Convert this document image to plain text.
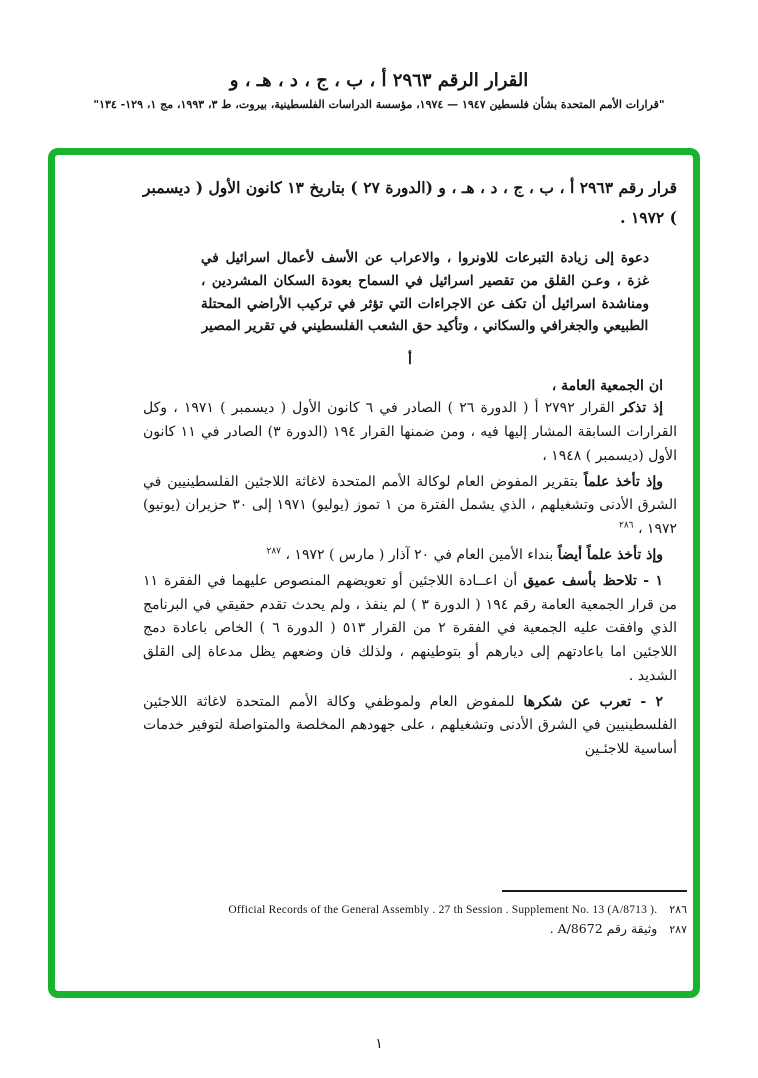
القرار الرقم ٢٩٦٣ أ ، ب ، ج ، د ، هـ ، و
"قرارات الأمم المتحدة بشأن فلسطين ١٩٤٧ — ١٩٧٤، مؤسسة الدراسات الفلسطينية، بيروت، ط ٣، ١٩٩٣، مج ١، ١٢٩- ١٣٤"

قرار رقم ٢٩٦٣ أ ، ب ، ج ، د ، هـ ، و (الدورة ٢٧ ) بتاريخ ١٣ كانون الأول ( ديسمبر ) ١٩٧٢ .

دعوة إلى زيادة التبرعات للاونروا ، والاعراب عن الأسف لأعمال اسرائيل في غزة ، وعـن القلق من تقصير اسرائيل في السماح بعودة السكان المشردين ، ومناشدة اسرائيل أن تكف عن الاجراءات التي تؤثر في تركيب الأراضي المحتلة الطبيعي والجغرافي والسكاني ، وتأكيد حق الشعب الفلسطيني في تقرير المصير

أ

ان الجمعية العامة ،

إذ تذكر القرار ٢٧٩٢ أ ( الدورة ٢٦ ) الصادر في ٦ كانون الأول ( ديسمبر ) ١٩٧١ ، وكل القرارات السابقة المشار إليها فيه ، ومن ضمنها القرار ١٩٤ (الدورة ٣) الصادر في ١١ كانون الأول (ديسمبر ) ١٩٤٨ ،

وإذ تأخذ علماً بتقرير المفوض العام لوكالة الأمم المتحدة لاغاثة اللاجئين الفلسطينيين في الشرق الأدنى وتشغيلهم ، الذي يشمل الفترة من ١ تموز (يوليو) ١٩٧١ إلى ٣٠ حزيران (يونيو) ١٩٧٢ ، $^{٢٨٦}$

وإذ تأخذ علماً أيضاً بنداء الأمين العام في ٢٠ آذار ( مارس ) ١٩٧٢ ، $^{٢٨٧}$

١ - تلاحظ بأسف عميق أن اعــادة اللاجئين أو تعويضهم المنصوص عليهما في الفقرة ١١ من قرار الجمعية العامة رقم ١٩٤ ( الدورة ٣ ) لم ينفذ ، ولم يحدث تقدم حقيقي في البرنامج الذي وافقت عليه الجمعية في الفقرة ٢ من القرار ٥١٣ ( الدورة ٦ ) الخاص باعادة دمج اللاجئين اما باعادتهم إلى ديارهم أو بتوطينهم ، ولذلك فان وضعهم يظل مدعاة إلى القلق الشديد .

٢ - تعرب عن شكرها للمفوض العام ولموظفي وكالة الأمم المتحدة لاغاثة اللاجئين الفلسطينيين في الشرق الأدنى وتشغيلهم ، على جهودهم المخلصة والمتواصلة لتوفير خدمات أساسية للاجئـين

٢٨٦Official Records of the General Assembly . 27 th Session . Supplement No. 13 (A/8713 ).
٢٨٧وثيقة رقم A/8672 .
١
